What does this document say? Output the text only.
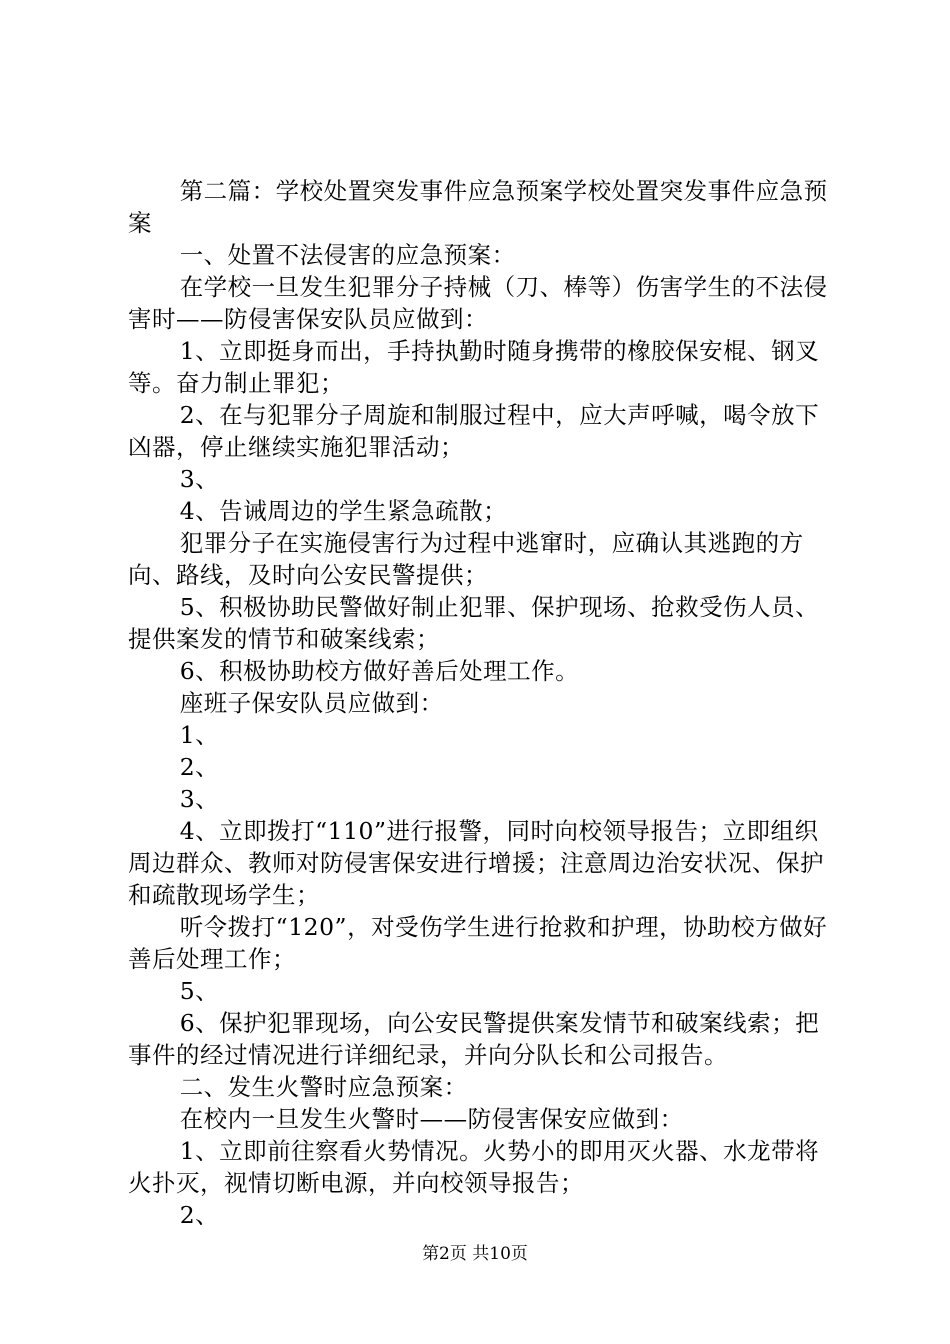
第二篇：学校处置突发事件应急预案学校处置突发事件应急预案

一、处置不法侵害的应急预案：

在学校一旦发生犯罪分子持械（刀、棒等）伤害学生的不法侵害时——防侵害保安队员应做到：

1、立即挺身而出，手持执勤时随身携带的橡胶保安棍、钢叉等。奋力制止罪犯；

2、在与犯罪分子周旋和制服过程中，应大声呼喊，喝令放下凶器，停止继续实施犯罪活动；

3、

4、告诫周边的学生紧急疏散；

犯罪分子在实施侵害行为过程中逃窜时，应确认其逃跑的方向、路线，及时向公安民警提供；

5、积极协助民警做好制止犯罪、保护现场、抢救受伤人员、提供案发的情节和破案线索；

6、积极协助校方做好善后处理工作。

座班子保安队员应做到：

1、

2、

3、

4、立即拨打“110”进行报警，同时向校领导报告；立即组织周边群众、教师对防侵害保安进行增援；注意周边治安状况、保护和疏散现场学生；

听令拨打“120”，对受伤学生进行抢救和护理，协助校方做好善后处理工作；

5、

6、保护犯罪现场，向公安民警提供案发情节和破案线索；把事件的经过情况进行详细纪录，并向分队长和公司报告。

二、发生火警时应急预案：

在校内一旦发生火警时——防侵害保安应做到：

1、立即前往察看火势情况。火势小的即用灭火器、水龙带将火扑灭，视情切断电源，并向校领导报告；

2、

第2页 共10页
